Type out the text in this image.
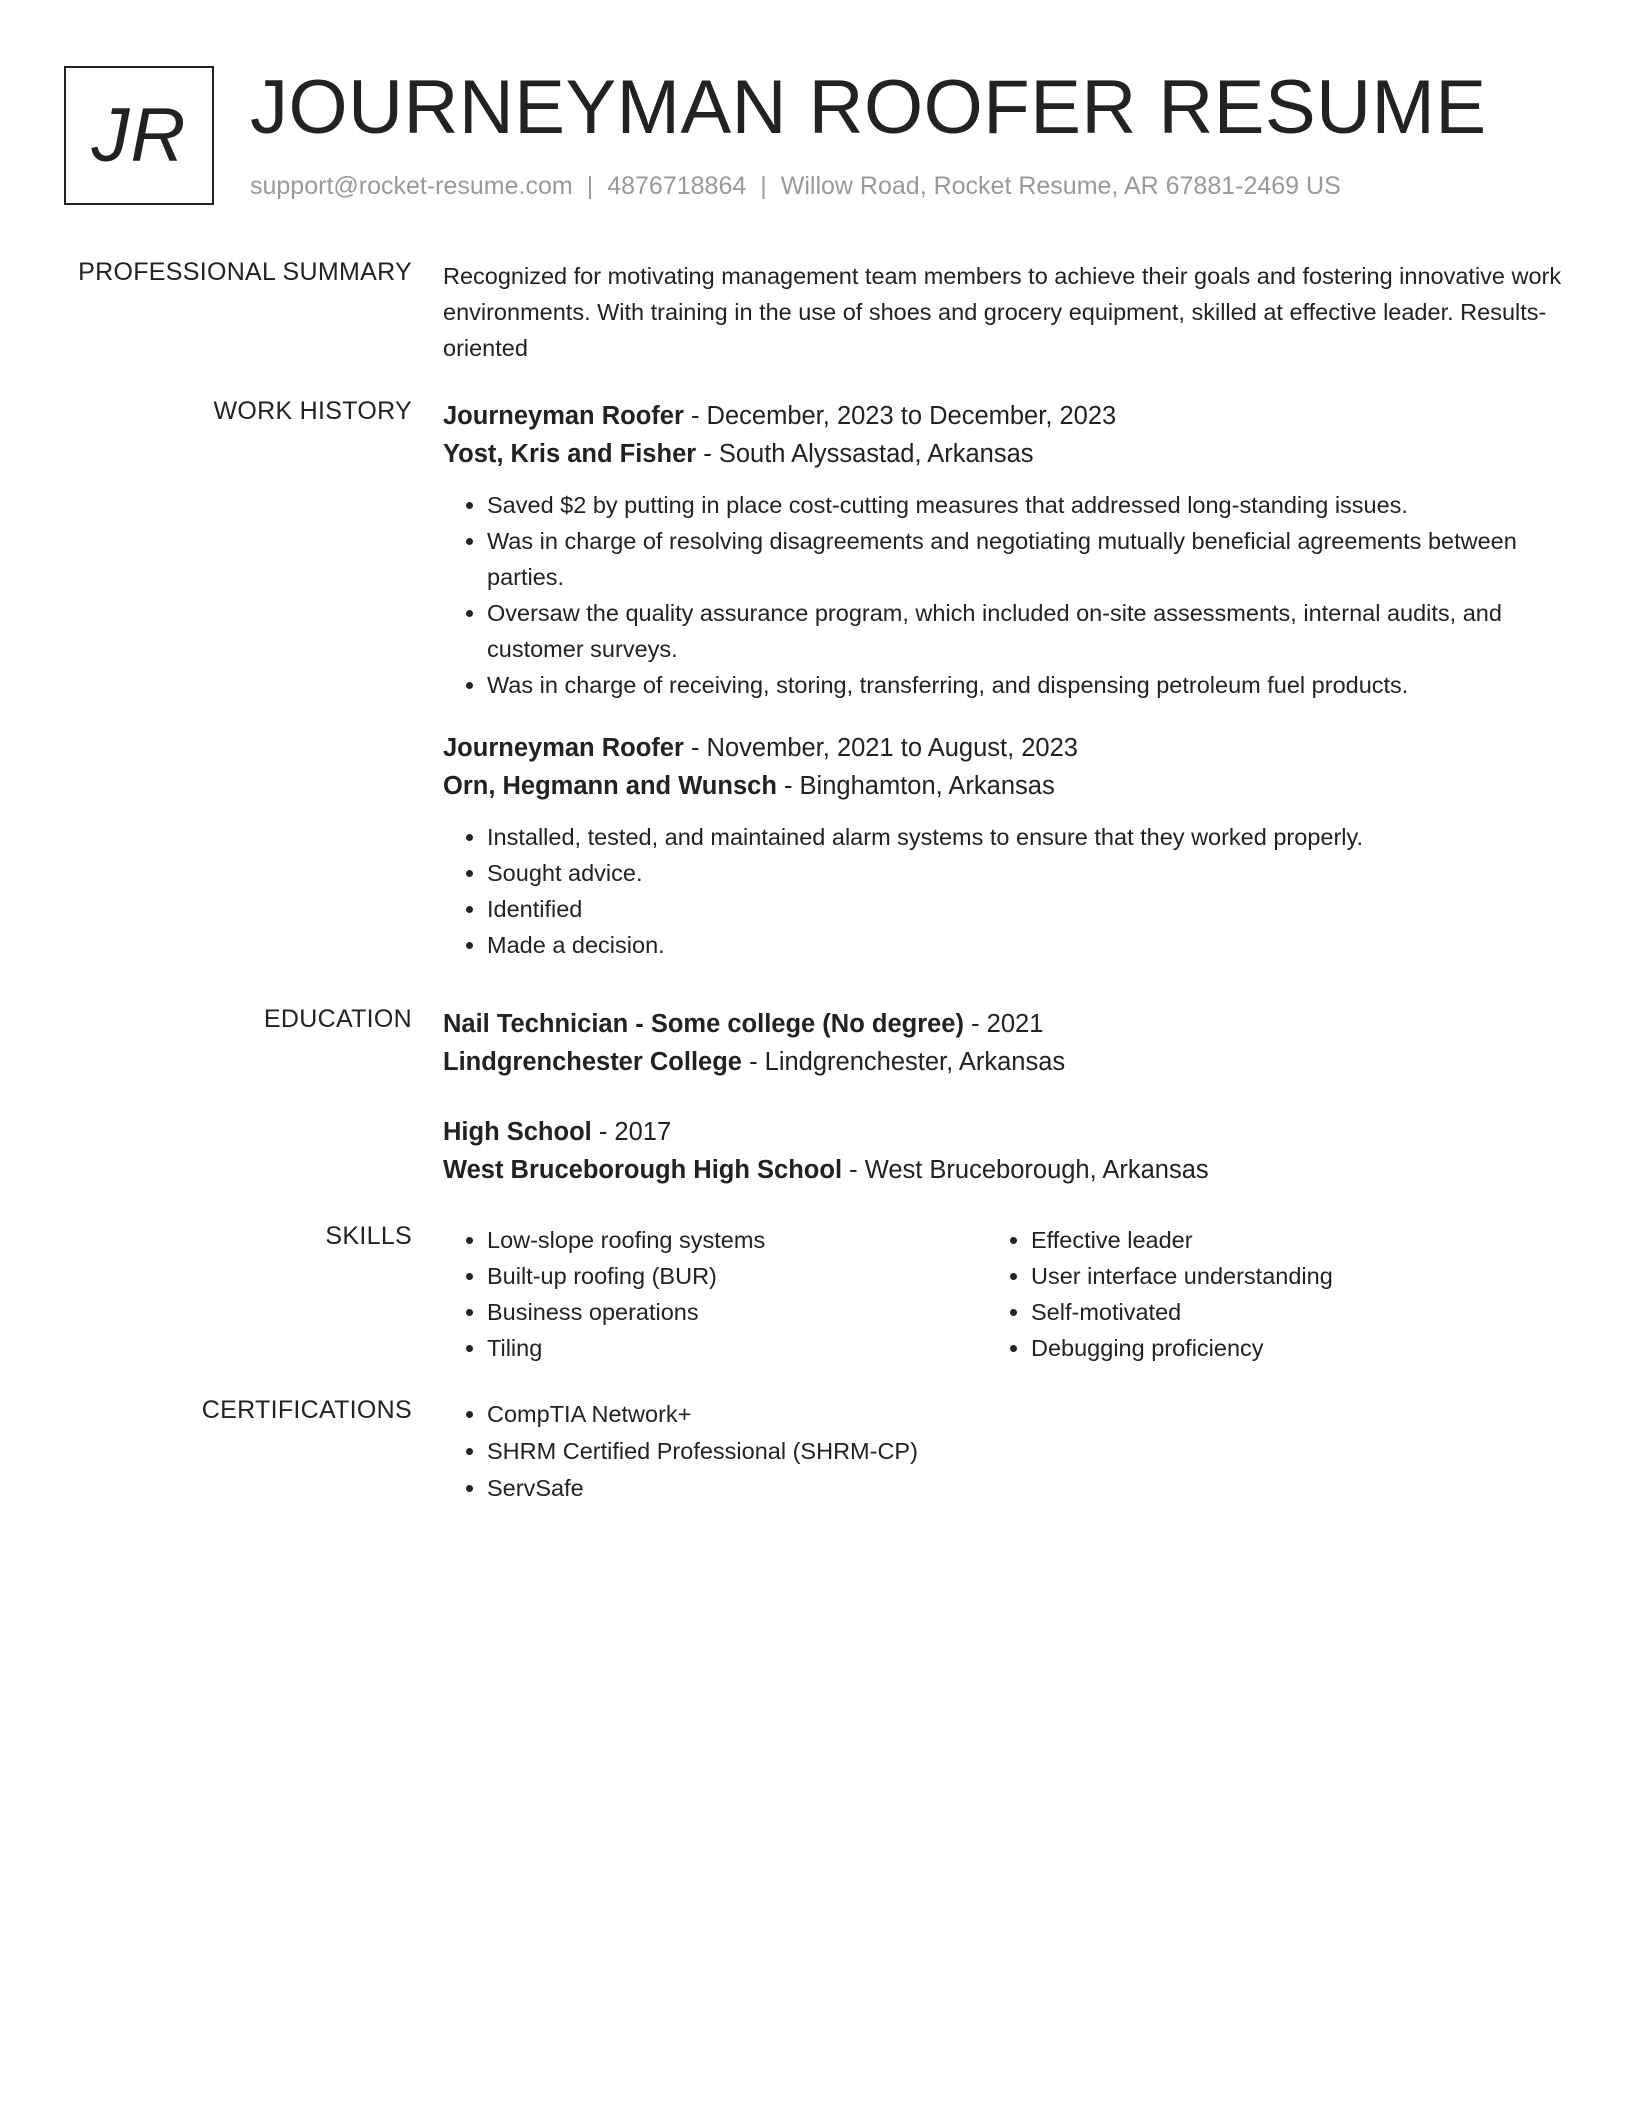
JR JOURNEYMAN ROOFER RESUME
support@rocket-resume.com | 4876718864 | Willow Road, Rocket Resume, AR 67881-2469 US
PROFESSIONAL SUMMARY Recognized for motivating management team members to achieve their goals and fostering innovative work environments. With training in the use of shoes and grocery equipment, skilled at effective leader. Results-oriented

WORK HISTORY Journeyman Roofer - December, 2023 to December, 2023
Yost, Kris and Fisher - South Alyssastad, Arkansas
• Saved $2 by putting in place cost-cutting measures that addressed long-standing issues.
• Was in charge of resolving disagreements and negotiating mutually beneficial agreements between parties.
• Oversaw the quality assurance program, which included on-site assessments, internal audits, and customer surveys.
• Was in charge of receiving, storing, transferring, and dispensing petroleum fuel products.
Journeyman Roofer - November, 2021 to August, 2023
Orn, Hegmann and Wunsch - Binghamton, Arkansas
• Installed, tested, and maintained alarm systems to ensure that they worked properly.
• Sought advice.
• Identified
• Made a decision.
EDUCATION Nail Technician - Some college (No degree) - 2021
Lindgrenchester College - Lindgrenchester, Arkansas
High School - 2017
West Bruceborough High School - West Bruceborough, Arkansas
SKILLS	• Low-slope roofing systems
• Built-up roofing (BUR)
• Business operations
• Tiling
• Effective leader
• User interface understanding
• Self-motivated
• Debugging proficiency
CERTIFICATIONS	• CompTIA Network+
• SHRM Certified Professional (SHRM-CP)
• ServSafe
